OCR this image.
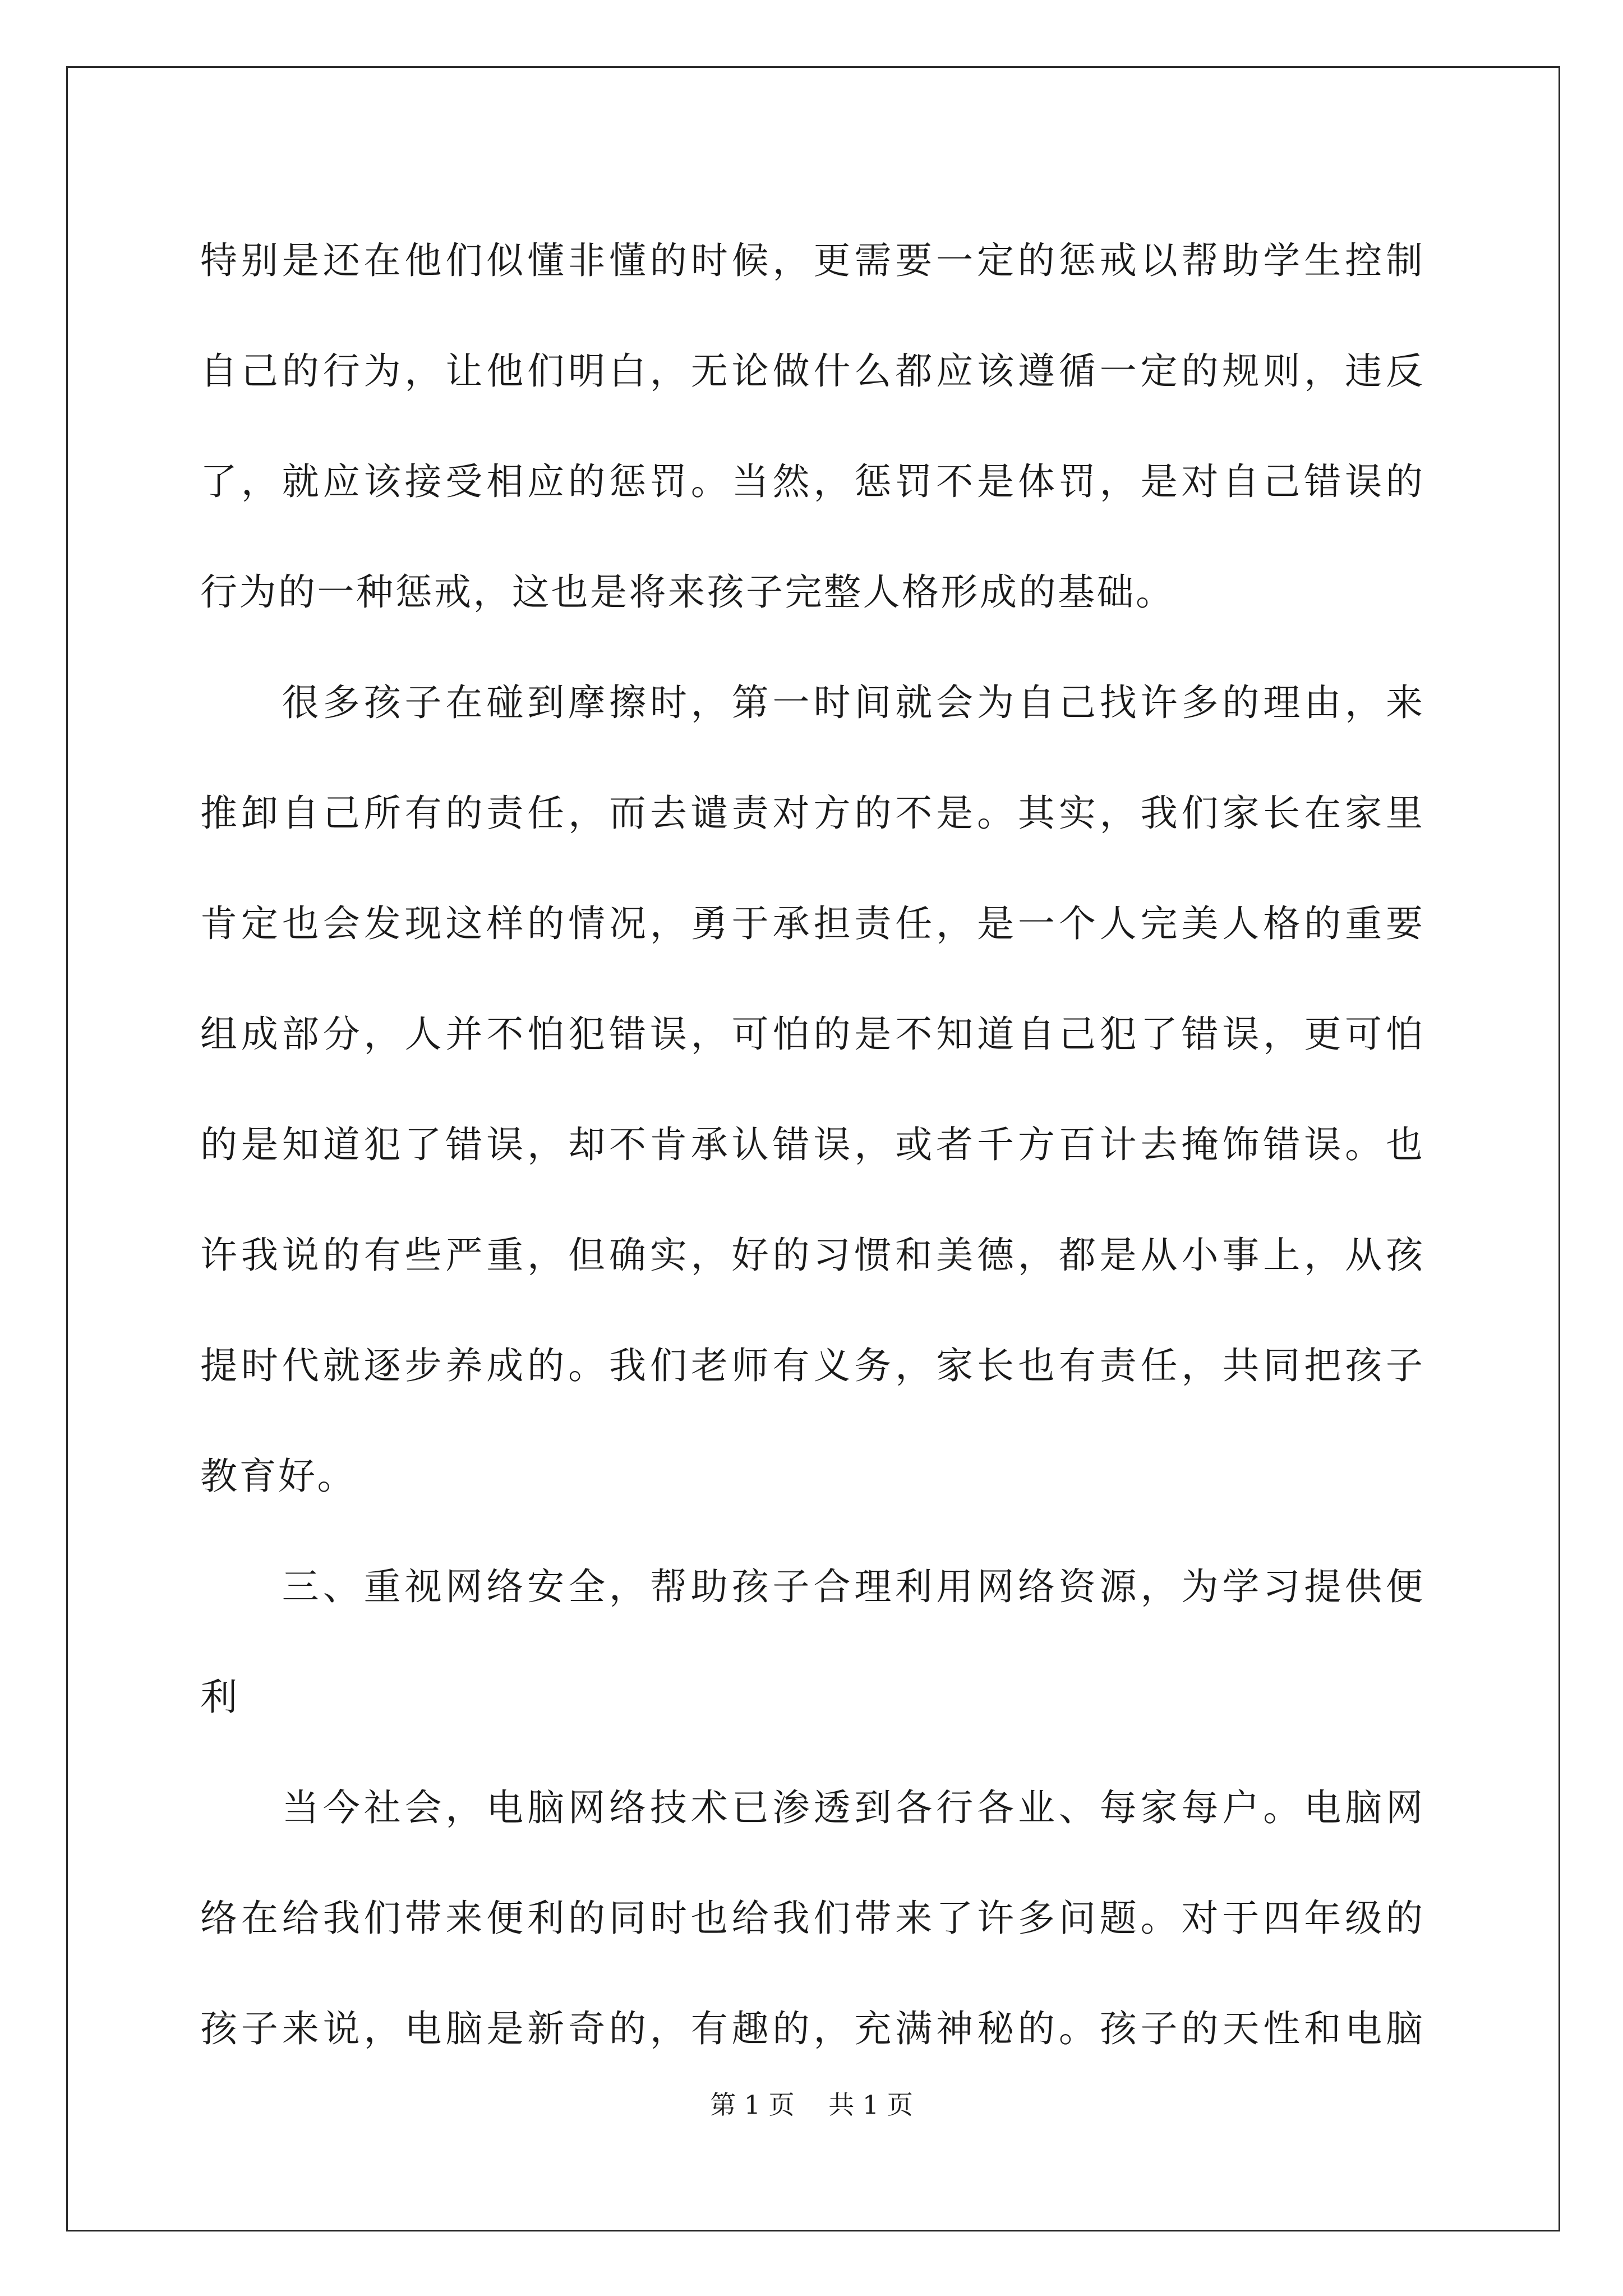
特别是还在他们似懂非懂的时候，更需要一定的惩戒以帮助学生控制
自己的行为，让他们明白，无论做什么都应该遵循一定的规则，违反
了，就应该接受相应的惩罚。当然，惩罚不是体罚，是对自己错误的
行为的一种惩戒，这也是将来孩子完整人格形成的基础。
　　很多孩子在碰到摩擦时，第一时间就会为自己找许多的理由，来
推卸自己所有的责任，而去谴责对方的不是。其实，我们家长在家里
肯定也会发现这样的情况，勇于承担责任，是一个人完美人格的重要
组成部分，人并不怕犯错误，可怕的是不知道自己犯了错误，更可怕
的是知道犯了错误，却不肯承认错误，或者千方百计去掩饰错误。也
许我说的有些严重，但确实，好的习惯和美德，都是从小事上，从孩
提时代就逐步养成的。我们老师有义务，家长也有责任，共同把孩子
教育好。
　　三、重视网络安全，帮助孩子合理利用网络资源，为学习提供便
利
　　当今社会，电脑网络技术已渗透到各行各业、每家每户。电脑网
络在给我们带来便利的同时也给我们带来了许多问题。对于四年级的
孩子来说，电脑是新奇的，有趣的，充满神秘的。孩子的天性和电脑
第 1 页　 共 1 页
